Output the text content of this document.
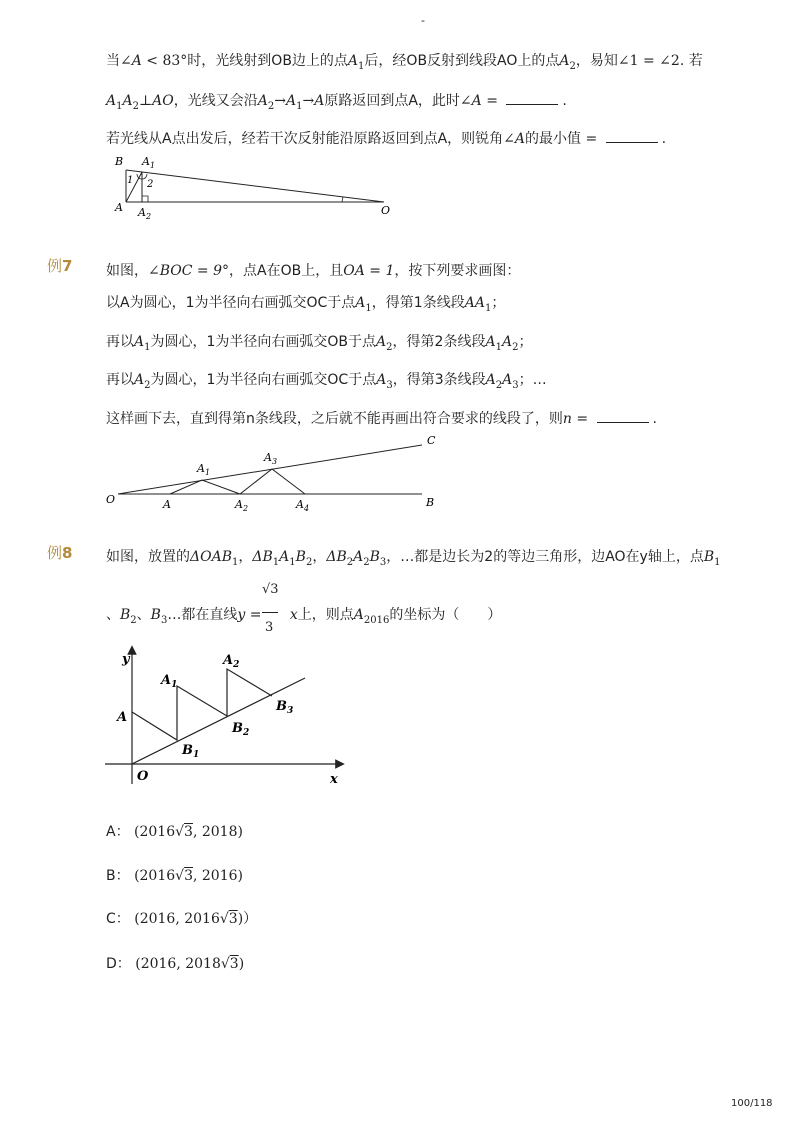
-
当∠A < 83°时，光线射到OB边上的点$A_1$后，经OB反射到线段AO上的点$A_2$，易知∠1 = ∠2. 若
$A_1A_2\perp AO$，光线又会沿$A_2\to A_1\to A$原路返回到点A，此时∠A =	.
若光线从A点出发后，经若干次反射能沿原路返回到点A，则锐角∠A的最小值 =	.
B $A_1$
1 2
A $A_2$	O
例7 如图，∠BOC = 9°，点A在OB上，且OA = 1，按下列要求画图：
以A为圆心，1为半径向右画弧交OC于点$A_1$，得第1条线段$AA_1$；
再以$A_1$为圆心，1为半径向右画弧交OB于点$A_2$，得第2条线段$A_1A_2$；
再以$A_2$为圆心，1为半径向右画弧交OC于点$A_3$，得第3条线段$A_2A_3$；…
这样画下去，直到得第n条线段，之后就不能再画出符合要求的线段了，则n =	.
C
$A_1$
$A_3$
O	A	$A_2$	$A_4$	B
例8 如图，放置的$\Delta OAB_1$，$\Delta B_1A_1B_2$，$\Delta B_2A_2B_3$，…都是边长为2的等边三角形，边AO在y轴上，点$B_1$
√3
3
、$B_2$、$B_3\dots$都在直线y = x上，则点$A_{2016}$的坐标为（　　）
y
A
$A_1$
$A_2$
$B_1$
$B_2$
$B_3$
O	x
A： (2016√3, 2018)
B： (2016√3, 2016)
C： (2016, 2016√3)）
D： (2016, 2018√3)
100/118
